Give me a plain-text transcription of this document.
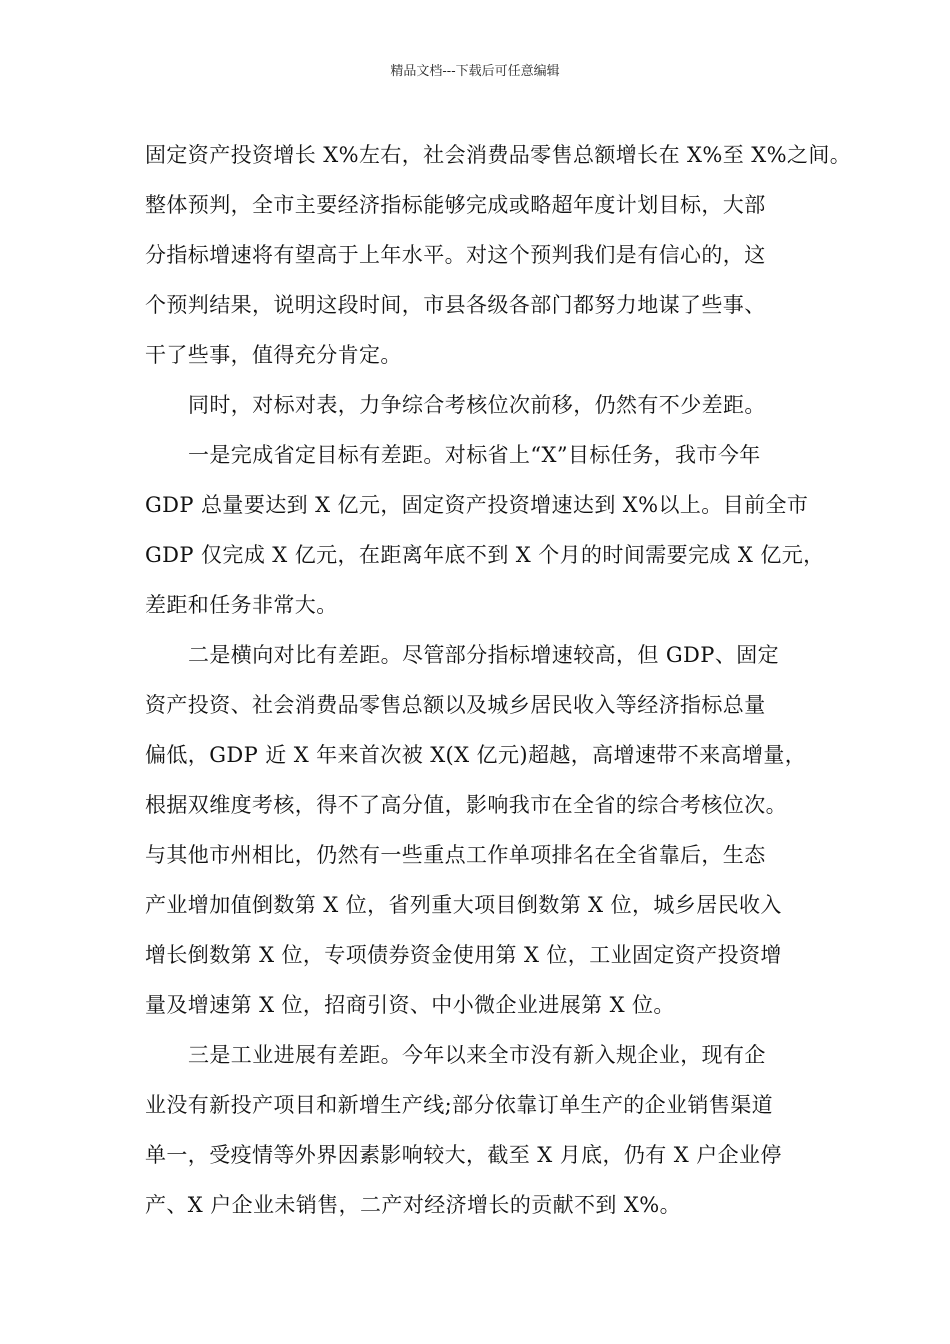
精品文档---下载后可任意编辑
固定资产投资增长 X%左右，社会消费品零售总额增长在 X%至 X%之间。
整体预判，全市主要经济指标能够完成或略超年度计划目标，大部
分指标增速将有望高于上年水平。对这个预判我们是有信心的，这
个预判结果，说明这段时间，市县各级各部门都努力地谋了些事、
干了些事，值得充分肯定。
同时，对标对表，力争综合考核位次前移，仍然有不少差距。
一是完成省定目标有差距。对标省上“X”目标任务，我市今年
GDP 总量要达到 X 亿元，固定资产投资增速达到 X%以上。目前全市
GDP 仅完成 X 亿元，在距离年底不到 X 个月的时间需要完成 X 亿元，
差距和任务非常大。
二是横向对比有差距。尽管部分指标增速较高，但 GDP、固定
资产投资、社会消费品零售总额以及城乡居民收入等经济指标总量
偏低，GDP 近 X 年来首次被 X(X 亿元)超越，高增速带不来高增量，
根据双维度考核，得不了高分值，影响我市在全省的综合考核位次。
与其他市州相比，仍然有一些重点工作单项排名在全省靠后，生态
产业增加值倒数第 X 位，省列重大项目倒数第 X 位，城乡居民收入
增长倒数第 X 位，专项债券资金使用第 X 位，工业固定资产投资增
量及增速第 X 位，招商引资、中小微企业进展第 X 位。
三是工业进展有差距。今年以来全市没有新入规企业，现有企
业没有新投产项目和新增生产线;部分依靠订单生产的企业销售渠道
单一，受疫情等外界因素影响较大，截至 X 月底，仍有 X 户企业停
产、X 户企业未销售，二产对经济增长的贡献不到 X%。
